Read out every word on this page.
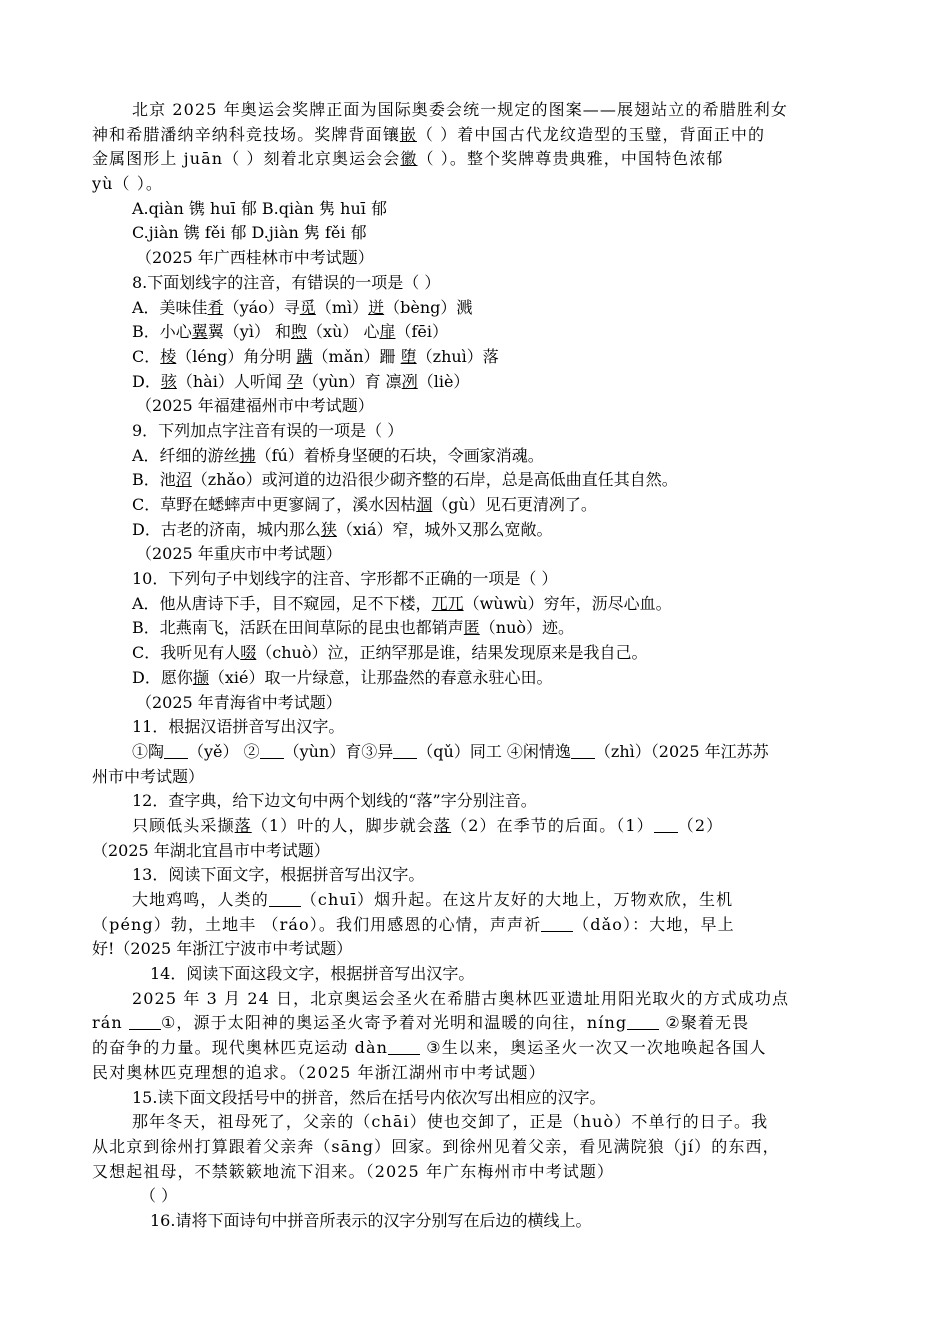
北京 2025 年奥运会奖牌正面为国际奥委会统一规定的图案——展翅站立的希腊胜利女
神和希腊潘纳辛纳科竞技场。奖牌背面镶嵌（ ）着中国古代龙纹造型的玉璧，背面正中的
金属图形上 juān（ ）刻着北京奥运会会徽（ ）。整个奖牌尊贵典雅，中国特色浓郁
yù（ ）。
A.qiàn 镌 huī 郁 B.qiàn 隽 huī 郁
C.jiàn 镌 fěi 郁 D.jiàn 隽 fěi 郁
（2025 年广西桂林市中考试题）
8.下面划线字的注音，有错误的一项是（ ）
A．美味佳肴（yáo）寻觅（mì）迸（bèng）溅
B．小心翼翼（yì） 和煦（xù） 心扉（fēi）
C．棱（léng）角分明 蹒（mǎn）跚 堕（zhuì）落
D．骇（hài）人听闻 孕（yùn）育 凛冽（liè）
（2025 年福建福州市中考试题）
9．下列加点字注音有误的一项是（ ）
A．纤细的游丝拂（fú）着桥身坚硬的石块，令画家消魂。
B．池沼（zhǎo）或河道的边沿很少砌齐整的石岸，总是高低曲直任其自然。
C．草野在蟋蟀声中更寥阔了，溪水因枯涸（gù）见石更清冽了。
D．古老的济南，城内那么狭（xiá）窄，城外又那么宽敞。
（2025 年重庆市中考试题）
10．下列句子中划线字的注音、字形都不正确的一项是（ ）
A．他从唐诗下手，目不窥园，足不下楼，兀兀（wùwù）穷年，沥尽心血。
B．北燕南飞，活跃在田间草际的昆虫也都销声匿（nuò）迹。
C．我听见有人啜（chuò）泣，正纳罕那是谁，结果发现原来是我自己。
D．愿你撷（xié）取一片绿意，让那盎然的春意永驻心田。
（2025 年青海省中考试题）
11．根据汉语拼音写出汉字。
①陶 （yě） ② （yùn）育③异 （qǔ）同工 ④闲情逸 （zhì）（2025 年江苏苏
州市中考试题）
12．查字典，给下边文句中两个划线的“落”字分别注音。
只顾低头采撷落（1）叶的人，脚步就会落（2）在季节的后面。（1） （2）
（2025 年湖北宜昌市中考试题）
13．阅读下面文字，根据拼音写出汉字。
大地鸡鸣，人类的 （chuī）烟升起。在这片友好的大地上，万物欢欣，生机
（péng）勃，土地丰 （ráo）。我们用感恩的心情，声声祈 （dǎo）：大地，早上
好!（2025 年浙江宁波市中考试题）
14．阅读下面这段文字，根据拼音写出汉字。
2025 年 3 月 24 日，北京奥运会圣火在希腊古奥林匹亚遗址用阳光取火的方式成功点
rán ①，源于太阳神的奥运圣火寄予着对光明和温暖的向往，níng ②聚着无畏
的奋争的力量。现代奥林匹克运动 dàn ③生以来，奥运圣火一次又一次地唤起各国人
民对奥林匹克理想的追求。（2025 年浙江湖州市中考试题）
15.读下面文段括号中的拼音，然后在括号内依次写出相应的汉字。
那年冬天，祖母死了，父亲的（chāi）使也交卸了，正是（huò）不单行的日子。我
从北京到徐州打算跟着父亲奔（sāng）回家。到徐州见着父亲，看见满院狼（jí）的东西，
又想起祖母，不禁簌簌地流下泪来。（2025 年广东梅州市中考试题）
（ ）
16.请将下面诗句中拼音所表示的汉字分别写在后边的横线上。
